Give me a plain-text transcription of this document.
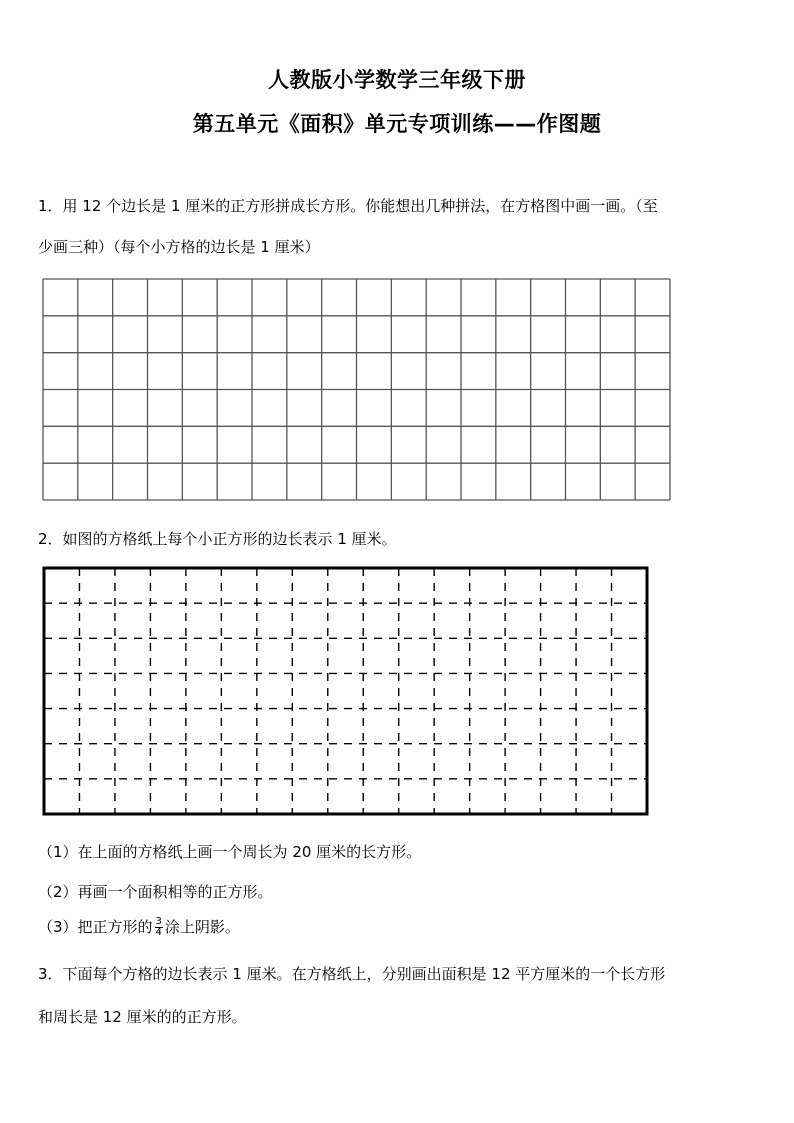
人教版小学数学三年级下册
第五单元《面积》单元专项训练——作图题
1．用 12 个边长是 1 厘米的正方形拼成长方形。你能想出几种拼法，在方格图中画一画。（至
少画三种）（每个小方格的边长是 1 厘米）
2．如图的方格纸上每个小正方形的边长表示 1 厘米。
（1）在上面的方格纸上画一个周长为 20 厘米的长方形。
（2）再画一个面积相等的正方形。
（3）把正方形的 $\frac{3}{4}$ 涂上阴影。
3．下面每个方格的边长表示 1 厘米。在方格纸上，分别画出面积是 12 平方厘米的一个长方形
和周长是 12 厘米的的正方形。
